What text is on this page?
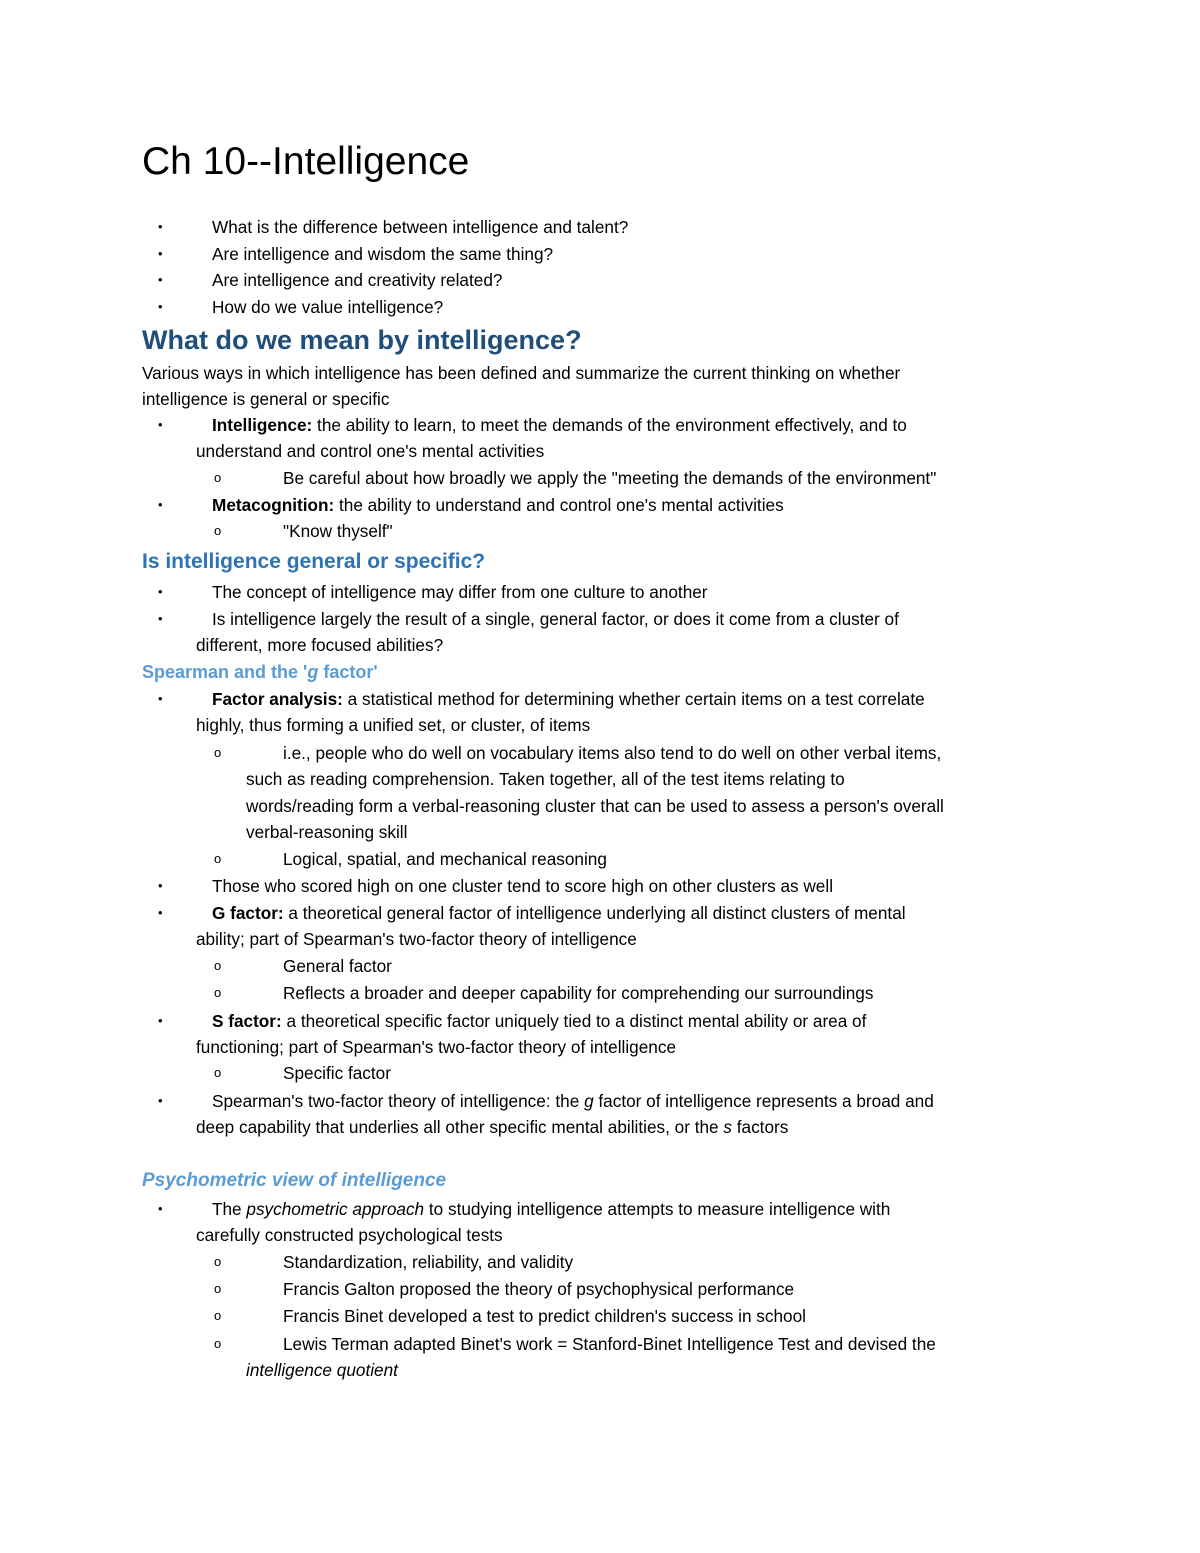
Ch 10--Intelligence
•	What is the difference between intelligence and talent?
•	Are intelligence and wisdom the same thing?
•	Are intelligence and creativity related?
•	How do we value intelligence?
What do we mean by intelligence?
Various ways in which intelligence has been defined and summarize the current thinking on whether
intelligence is general or specific
•	Intelligence: the ability to learn, to meet the demands of the environment effectively, and to
understand and control one's mental activities
o	Be careful about how broadly we apply the "meeting the demands of the environment"
•	Metacognition: the ability to understand and control one's mental activities
o	"Know thyself"
Is intelligence general or specific?
•	The concept of intelligence may differ from one culture to another
•	Is intelligence largely the result of a single, general factor, or does it come from a cluster of
different, more focused abilities?
Spearman and the 'g factor'
•	Factor analysis: a statistical method for determining whether certain items on a test correlate
highly, thus forming a unified set, or cluster, of items
o	i.e., people who do well on vocabulary items also tend to do well on other verbal items,
such as reading comprehension. Taken together, all of the test items relating to
words/reading form a verbal-reasoning cluster that can be used to assess a person's overall
verbal-reasoning skill
o	Logical, spatial, and mechanical reasoning
•	Those who scored high on one cluster tend to score high on other clusters as well
•	G factor: a theoretical general factor of intelligence underlying all distinct clusters of mental
ability; part of Spearman's two-factor theory of intelligence
o	General factor
o	Reflects a broader and deeper capability for comprehending our surroundings
•	S factor: a theoretical specific factor uniquely tied to a distinct mental ability or area of
functioning; part of Spearman's two-factor theory of intelligence
o	Specific factor
•	Spearman's two-factor theory of intelligence: the g factor of intelligence represents a broad and
deep capability that underlies all other specific mental abilities, or the s factors
Psychometric view of intelligence
•	The psychometric approach to studying intelligence attempts to measure intelligence with
carefully constructed psychological tests
o	Standardization, reliability, and validity
o	Francis Galton proposed the theory of psychophysical performance
o	Francis Binet developed a test to predict children's success in school
o	Lewis Terman adapted Binet's work = Stanford-Binet Intelligence Test and devised the
intelligence quotient
